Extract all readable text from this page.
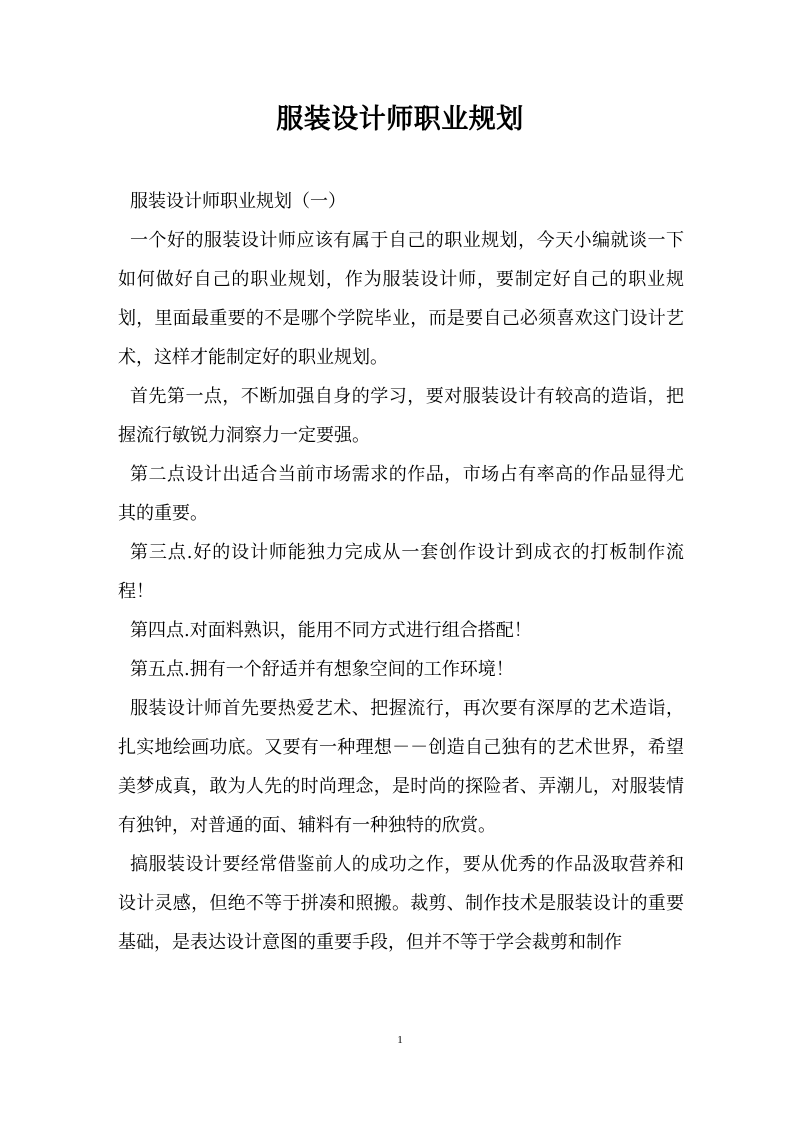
服装设计师职业规划

服装设计师职业规划（一）

一个好的服装设计师应该有属于自己的职业规划，今天小编就谈一下如何做好自己的职业规划，作为服装设计师，要制定好自己的职业规划，里面最重要的不是哪个学院毕业，而是要自己必须喜欢这门设计艺术，这样才能制定好的职业规划。

首先第一点，不断加强自身的学习，要对服装设计有较高的造诣，把握流行敏锐力洞察力一定要强。

第二点设计出适合当前市场需求的作品，市场占有率高的作品显得尤其的重要。

第三点.好的设计师能独力完成从一套创作设计到成衣的打板制作流程！

第四点.对面料熟识，能用不同方式进行组合搭配！

第五点.拥有一个舒适并有想象空间的工作环境！

服装设计师首先要热爱艺术、把握流行，再次要有深厚的艺术造诣，扎实地绘画功底。又要有一种理想－－创造自己独有的艺术世界，希望美梦成真，敢为人先的时尚理念，是时尚的探险者、弄潮儿，对服装情有独钟，对普通的面、辅料有一种独特的欣赏。

搞服装设计要经常借鉴前人的成功之作，要从优秀的作品汲取营养和设计灵感，但绝不等于拼凑和照搬。裁剪、制作技术是服装设计的重要基础，是表达设计意图的重要手段，但并不等于学会裁剪和制作

1
